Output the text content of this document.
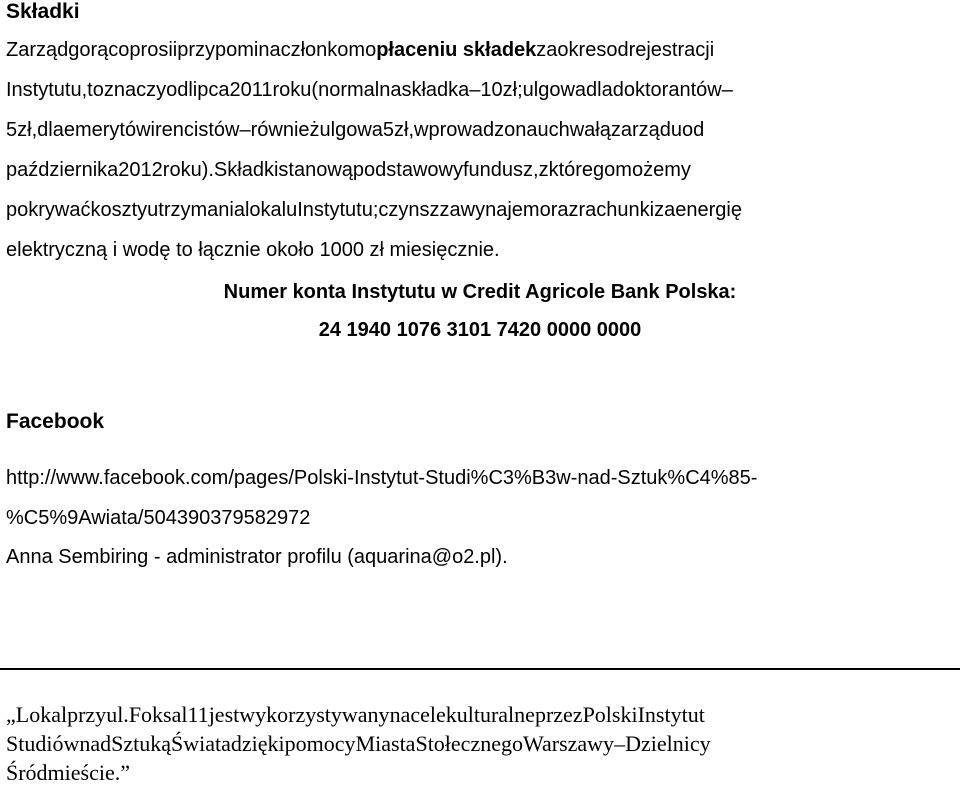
Składki
Zarządgorącoprosiiprzypominaczłonkomopłaceniu składekzaokresodrejestracji
Instytutu,toznaczyodlipca2011roku(normalnaskładka–10zł;ulgowadladoktorantów–
5zł,dlaemerytówirencistów–równieżulgowa5zł,wprowadzonauchwałązarząduod
października2012roku).Składkistanowąpodstawowyfundusz,zktóregomożemy
pokrywaćkosztyutrzymanialokaluInstytutu;czynszzawynajemorazrachunkizaenergię
elektryczną i wodę to łącznie około 1000 zł miesięcznie.

Numer konta Instytutu w Credit Agricole Bank Polska:

24 1940 1076 3101 7420 0000 0000

Facebook

http://www.facebook.com/pages/Polski-Instytut-Studi%C3%B3w-nad-Sztuk%C4%85-

%C5%9Awiata/504390379582972

Anna Sembiring - administrator profilu (aquarina@o2.pl).

„Lokalprzyul.Foksal11jestwykorzystywanynacelekulturalneprzezPolskiInstytut
StudiównadSztukąŚwiatadziękipomocyMiastaStołecznegoWarszawy–Dzielnicy
Śródmieście.”
